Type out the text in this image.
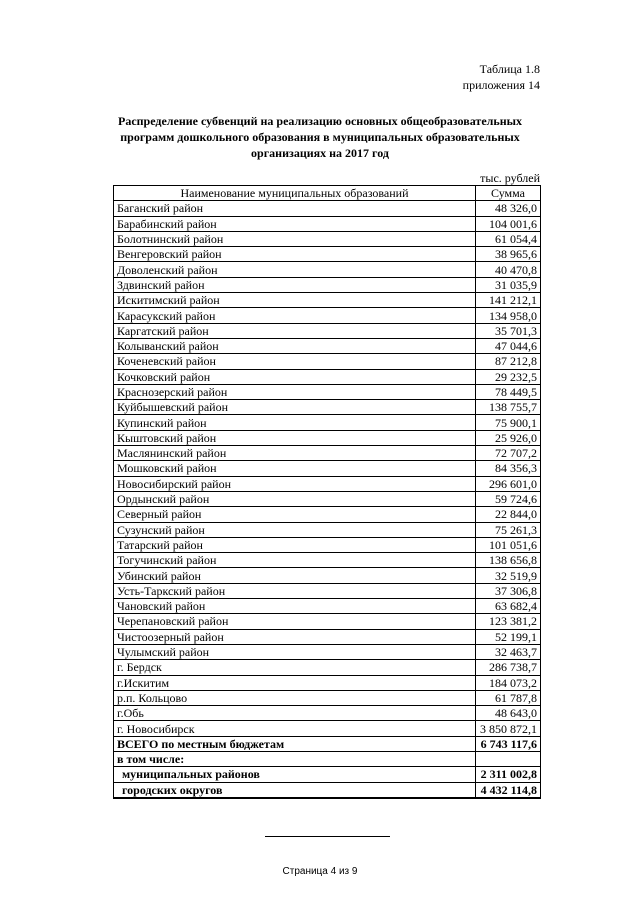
Таблица 1.8
приложения 14
Распределение субвенций на реализацию основных общеобразовательных программ дошкольного образования в муниципальных образовательных организациях на 2017 год
тыс. рублей
Наименование муниципальных образований	Сумма
Баганский район	48 326,0
Барабинский район	104 001,6
Болотнинский район	61 054,4
Венгеровский район	38 965,6
Доволенский район	40 470,8
Здвинский район	31 035,9
Искитимский район	141 212,1
Карасукский район	134 958,0
Каргатский район	35 701,3
Колыванский район	47 044,6
Коченевский район	87 212,8
Кочковский район	29 232,5
Краснозерский район	78 449,5
Куйбышевский район	138 755,7
Купинский район	75 900,1
Кыштовский район	25 926,0
Маслянинский район	72 707,2
Мошковский район	84 356,3
Новосибирский район	296 601,0
Ордынский район	59 724,6
Северный район	22 844,0
Сузунский район	75 261,3
Татарский район	101 051,6
Тогучинский район	138 656,8
Убинский район	32 519,9
Усть-Таркский район	37 306,8
Чановский район	63 682,4
Черепановский район	123 381,2
Чистоозерный район	52 199,1
Чулымский район	32 463,7
г. Бердск	286 738,7
г.Искитим	184 073,2
р.п. Кольцово	61 787,8
г.Обь	48 643,0
г. Новосибирск	3 850 872,1
ВСЕГО по местным бюджетам	6 743 117,6
в том числе:	
муниципальных районов	2 311 002,8
городских округов	4 432 114,8
Страница 4 из 9
